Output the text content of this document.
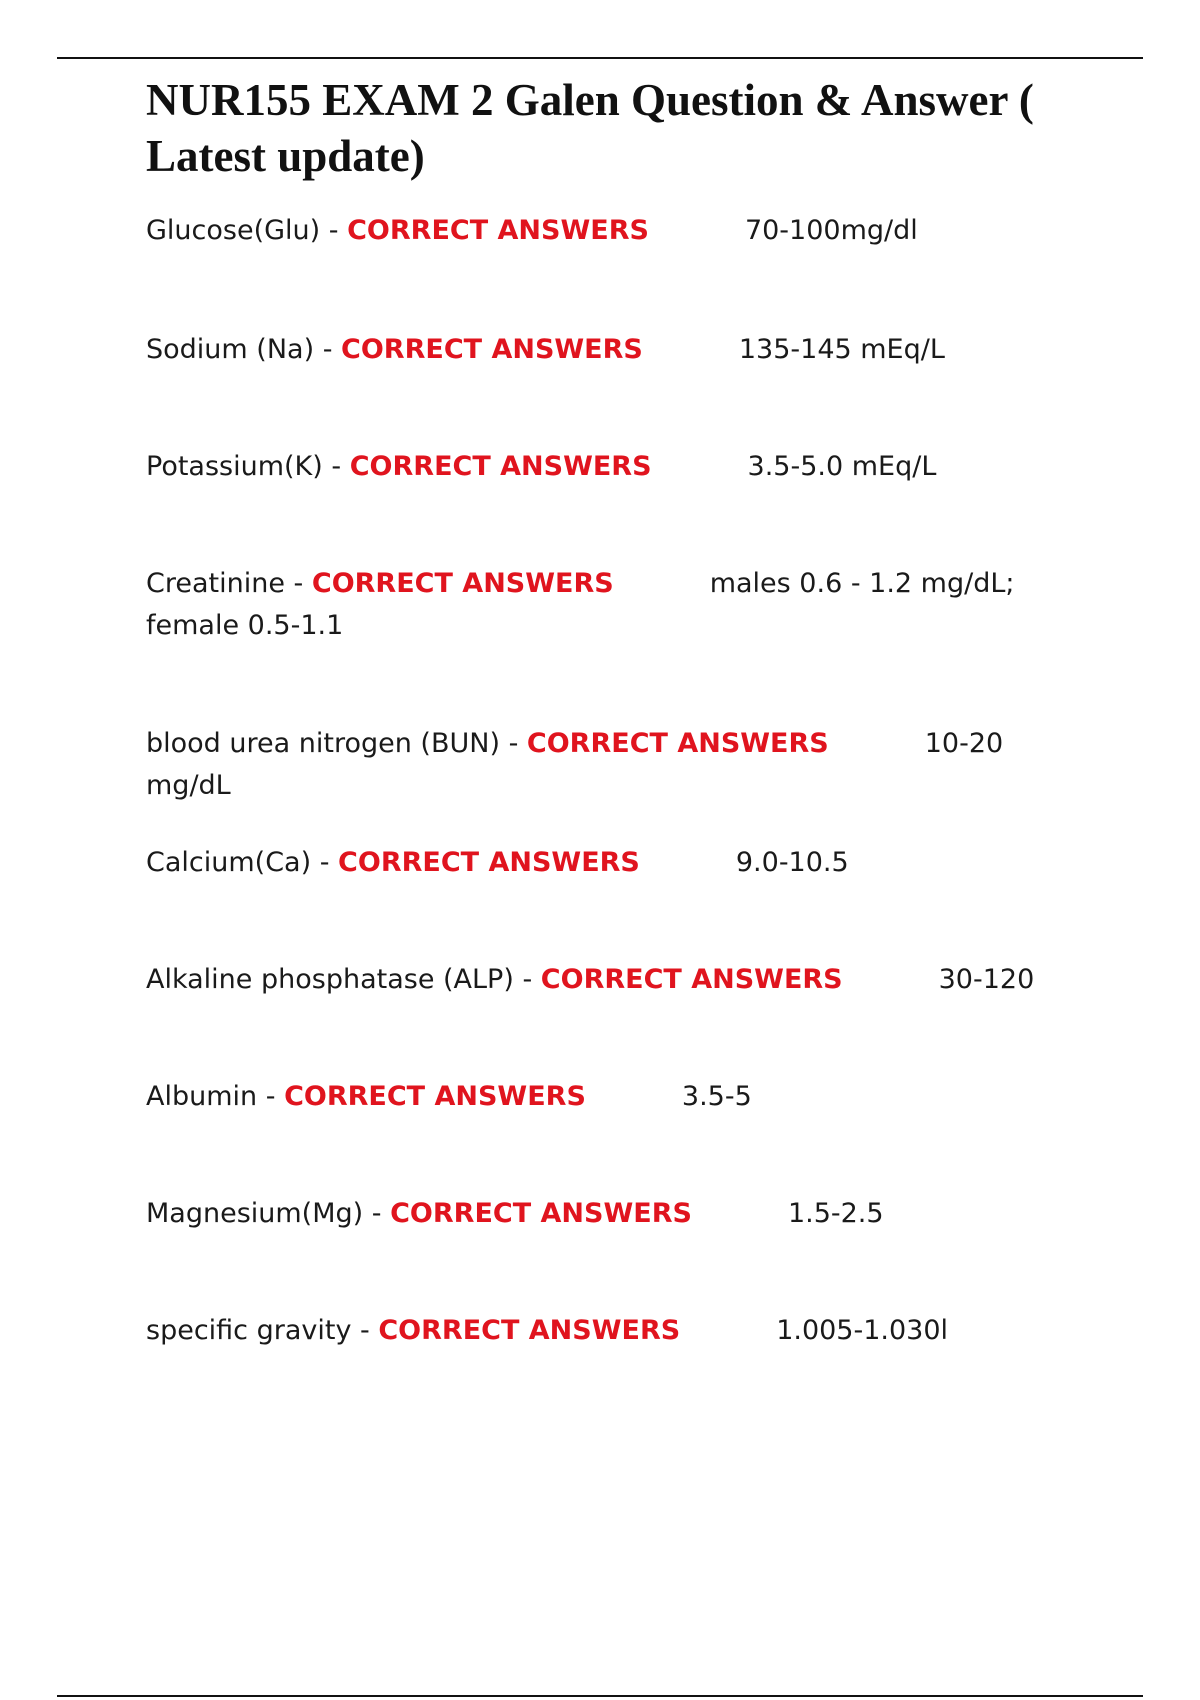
NUR155 EXAM 2 Galen Question & Answer ( Latest update)
Glucose(Glu) - CORRECT ANSWERS	70-100mg/dl
Sodium (Na) - CORRECT ANSWERS	135-145 mEq/L
Potassium(K) - CORRECT ANSWERS	3.5-5.0 mEq/L
Creatinine - CORRECT ANSWERS	males 0.6 - 1.2 mg/dL; female 0.5-1.1
blood urea nitrogen (BUN) - CORRECT ANSWERS	10-20 mg/dL
Calcium(Ca) - CORRECT ANSWERS	9.0-10.5
Alkaline phosphatase (ALP) - CORRECT ANSWERS	30-120
Albumin - CORRECT ANSWERS	3.5-5
Magnesium(Mg) - CORRECT ANSWERS	1.5-2.5
specific gravity - CORRECT ANSWERS	1.005-1.030l
